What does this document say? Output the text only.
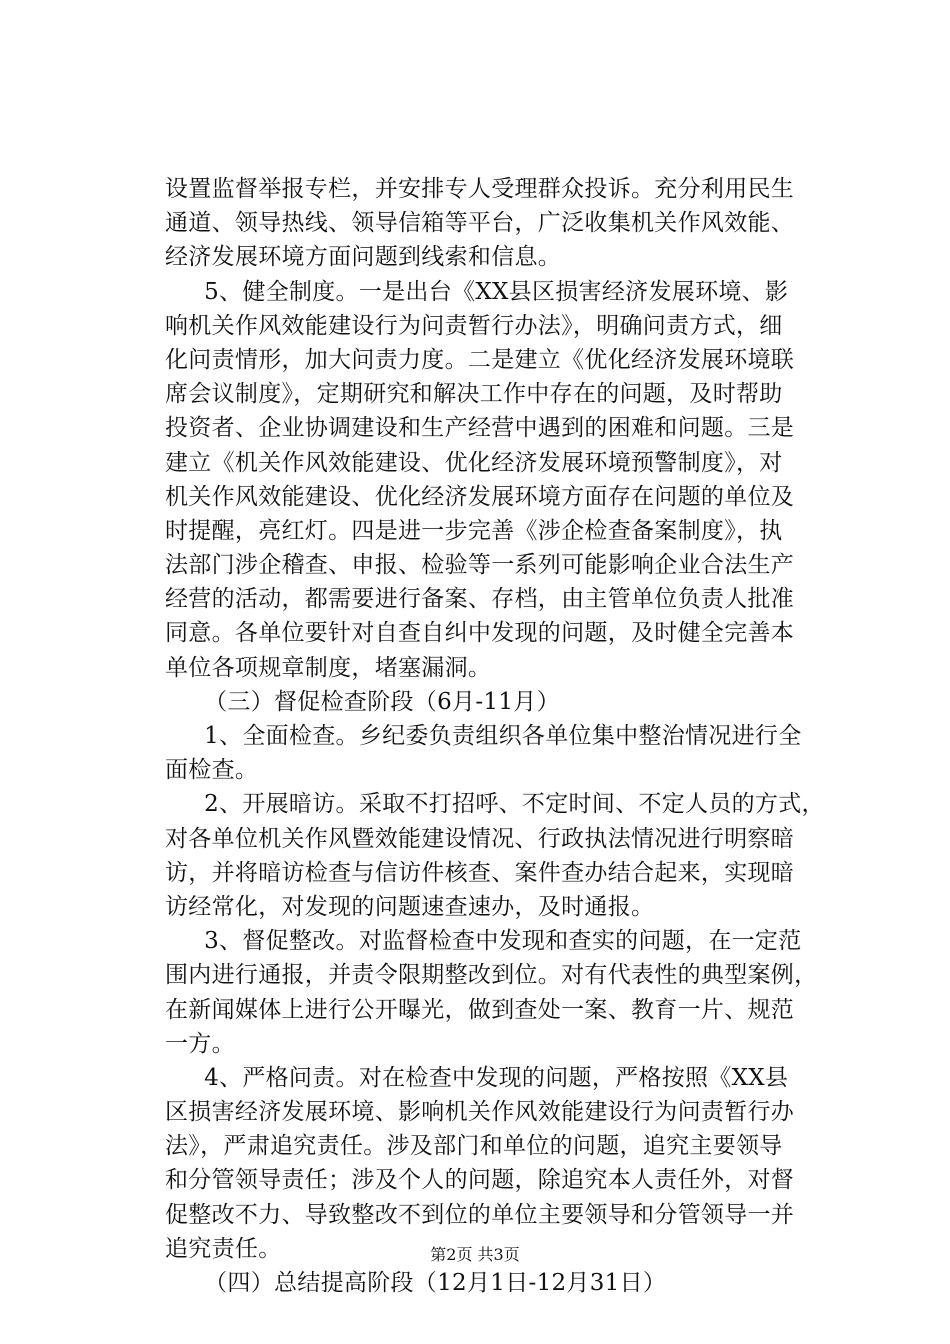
设置监督举报专栏，并安排专人受理群众投诉。充分利用民生
通道、领导热线、领导信箱等平台，广泛收集机关作风效能、
经济发展环境方面问题到线索和信息。
5、健全制度。一是出台《XX县区损害经济发展环境、影
响机关作风效能建设行为问责暂行办法》，明确问责方式，细
化问责情形，加大问责力度。二是建立《优化经济发展环境联
席会议制度》，定期研究和解决工作中存在的问题，及时帮助
投资者、企业协调建设和生产经营中遇到的困难和问题。三是
建立《机关作风效能建设、优化经济发展环境预警制度》，对
机关作风效能建设、优化经济发展环境方面存在问题的单位及
时提醒，亮红灯。四是进一步完善《涉企检查备案制度》，执
法部门涉企稽查、申报、检验等一系列可能影响企业合法生产
经营的活动，都需要进行备案、存档，由主管单位负责人批准
同意。各单位要针对自查自纠中发现的问题，及时健全完善本
单位各项规章制度，堵塞漏洞。
（三）督促检查阶段（6月-11月）
1、全面检查。乡纪委负责组织各单位集中整治情况进行全
面检查。
2、开展暗访。采取不打招呼、不定时间、不定人员的方式，
对各单位机关作风暨效能建设情况、行政执法情况进行明察暗
访，并将暗访检查与信访件核查、案件查办结合起来，实现暗
访经常化，对发现的问题速查速办，及时通报。
3、督促整改。对监督检查中发现和查实的问题，在一定范
围内进行通报，并责令限期整改到位。对有代表性的典型案例，
在新闻媒体上进行公开曝光，做到查处一案、教育一片、规范
一方。
4、严格问责。对在检查中发现的问题，严格按照《XX县
区损害经济发展环境、影响机关作风效能建设行为问责暂行办
法》，严肃追究责任。涉及部门和单位的问题，追究主要领导
和分管领导责任；涉及个人的问题，除追究本人责任外，对督
促整改不力、导致整改不到位的单位主要领导和分管领导一并
追究责任。
（四）总结提高阶段（12月1日-12月31日）
第2页 共3页
